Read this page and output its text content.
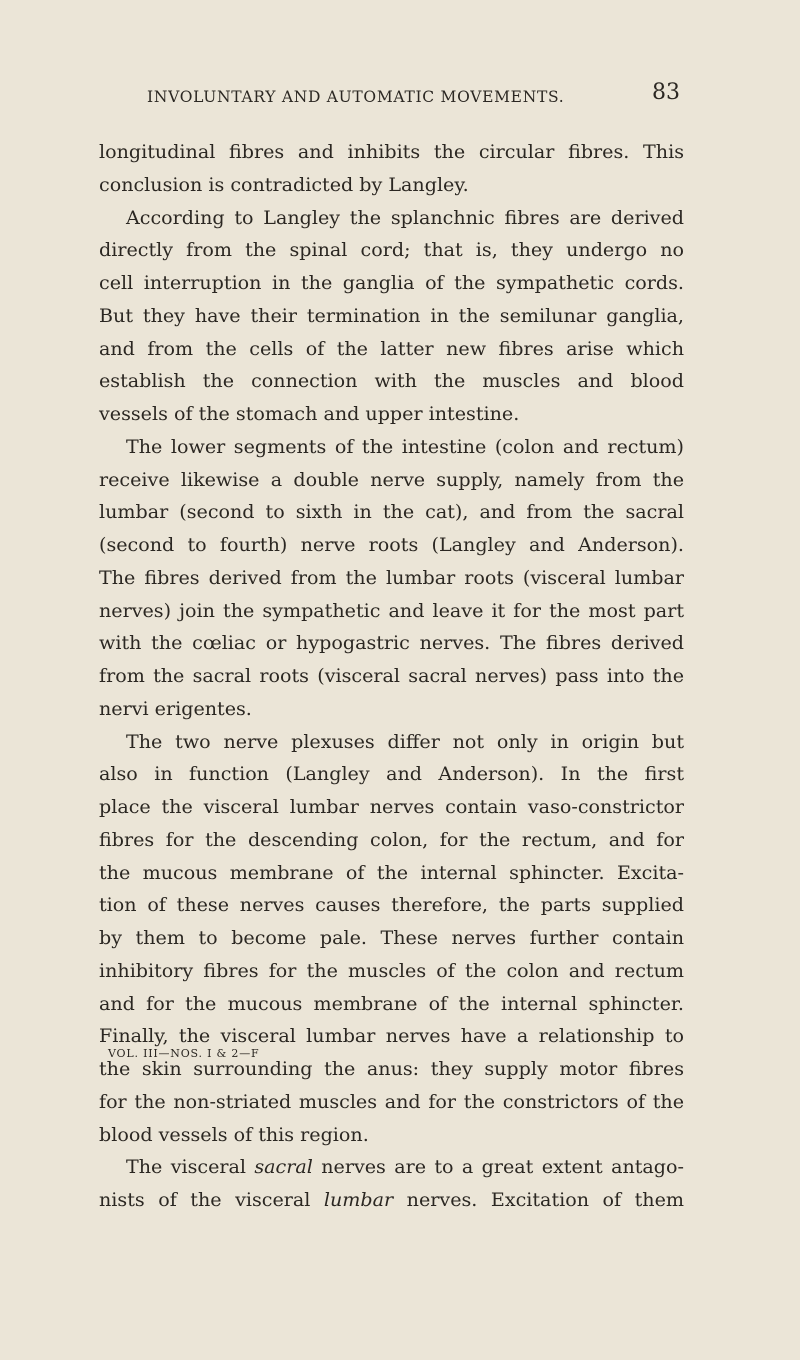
INVOLUNTARY AND AUTOMATIC MOVEMENTS.	83
longitudinal fibres and inhibits the circular fibres. This
conclusion is contradicted by Langley.
According to Langley the splanchnic fibres are derived
directly from the spinal cord; that is, they undergo no
cell interruption in the ganglia of the sympathetic cords.
But they have their termination in the semilunar ganglia,
and from the cells of the latter new fibres arise which
establish the connection with the muscles and blood
vessels of the stomach and upper intestine.
The lower segments of the intestine (colon and rectum)
receive likewise a double nerve supply, namely from the
lumbar (second to sixth in the cat), and from the sacral
(second to fourth) nerve roots (Langley and Anderson).
The fibres derived from the lumbar roots (visceral lumbar
nerves) join the sympathetic and leave it for the most part
with the cœliac or hypogastric nerves. The fibres derived
from the sacral roots (visceral sacral nerves) pass into the
nervi erigentes.
The two nerve plexuses differ not only in origin but
also in function (Langley and Anderson). In the first
place the visceral lumbar nerves contain vaso-constrictor
fibres for the descending colon, for the rectum, and for
the mucous membrane of the internal sphincter. Excita-
tion of these nerves causes therefore, the parts supplied
by them to become pale. These nerves further contain
inhibitory fibres for the muscles of the colon and rectum
and for the mucous membrane of the internal sphincter.
Finally, the visceral lumbar nerves have a relationship to
the skin surrounding the anus: they supply motor fibres
for the non-striated muscles and for the constrictors of the
blood vessels of this region.
The visceral sacral nerves are to a great extent antago-
nists of the visceral lumbar nerves. Excitation of them
VOL. III—NOS. I & 2—F
